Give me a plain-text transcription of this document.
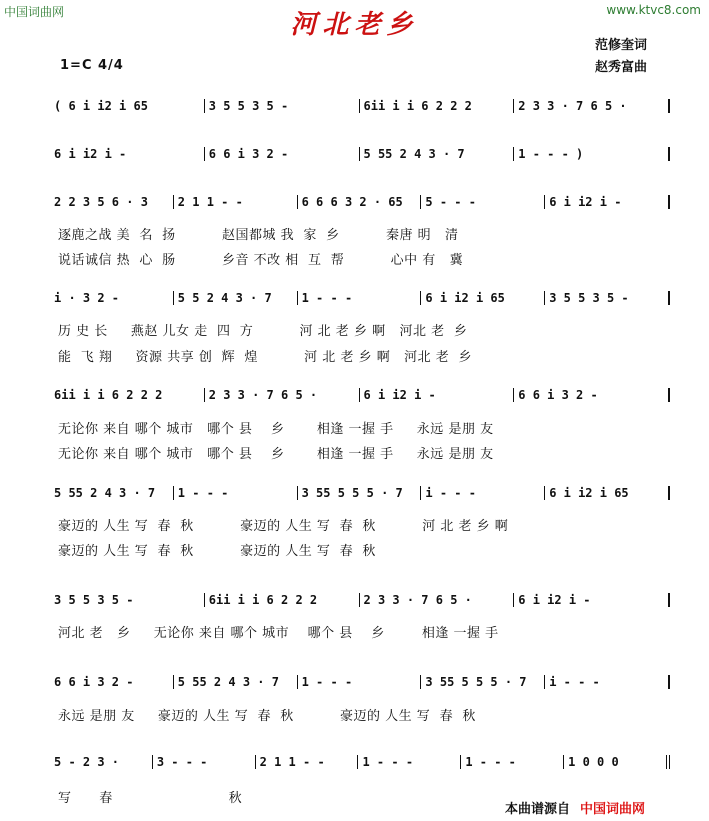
中国词曲网	www.ktvc8.com
河北老乡
范修奎词
赵秀富曲
1=C 4/4
( 6 i i2 i 65	3 5 5 3 5 -	6ii i i 6 2 2 2	2 3 3 · 7 6 5 ·
6 i i2 i -	6 6 i 3 2 -	5 55 2 4 3 · 7	1 - - - )
2 2 3 5 6 · 3	2 1 1 - -	6 6 6 3 2 · 65	5 - - -	6 i i2 i -
逐鹿之战 美  名  扬          赵国都城 我  家  乡          秦唐 明   清
说话诚信 热  心  肠          乡音 不改 相  互  帮          心中 有   冀
i · 3 2 -	5 5 2 4 3 · 7	1 - - -	6 i i2 i 65	3 5 5 3 5 -
历 史 长     燕赵 儿女 走  四  方          河 北 老 乡 啊   河北 老  乡
能  飞 翔     资源 共享 创  辉  煌          河 北 老 乡 啊   河北 老  乡
6ii i i 6 2 2 2	2 3 3 · 7 6 5 ·	6 i i2 i -	6 6 i 3 2 -
无论你 来自 哪个 城市   哪个 县    乡       相逢 一握 手     永远 是朋 友
无论你 来自 哪个 城市   哪个 县    乡       相逢 一握 手     永远 是朋 友
5 55 2 4 3 · 7	1 - - -	3 55 5 5 5 · 7	i - - -	6 i i2 i 65
豪迈的 人生 写  春  秋          豪迈的 人生 写  春  秋          河 北 老 乡 啊
豪迈的 人生 写  春  秋          豪迈的 人生 写  春  秋
3 5 5 3 5 -	6ii i i 6 2 2 2	2 3 3 · 7 6 5 ·	6 i i2 i -
河北 老   乡     无论你 来自 哪个 城市    哪个 县    乡        相逢 一握 手
6 6 i 3 2 -	5 55 2 4 3 · 7	1 - - -	3 55 5 5 5 · 7	i - - -
永远 是朋 友     豪迈的 人生 写  春  秋          豪迈的 人生 写  春  秋
5 - 2 3 ·	3 - - -	2 1 1 - -	1 - - -	1 - - -	1 0 0 0
写      春                         秋
本曲谱源自 中国词曲网
